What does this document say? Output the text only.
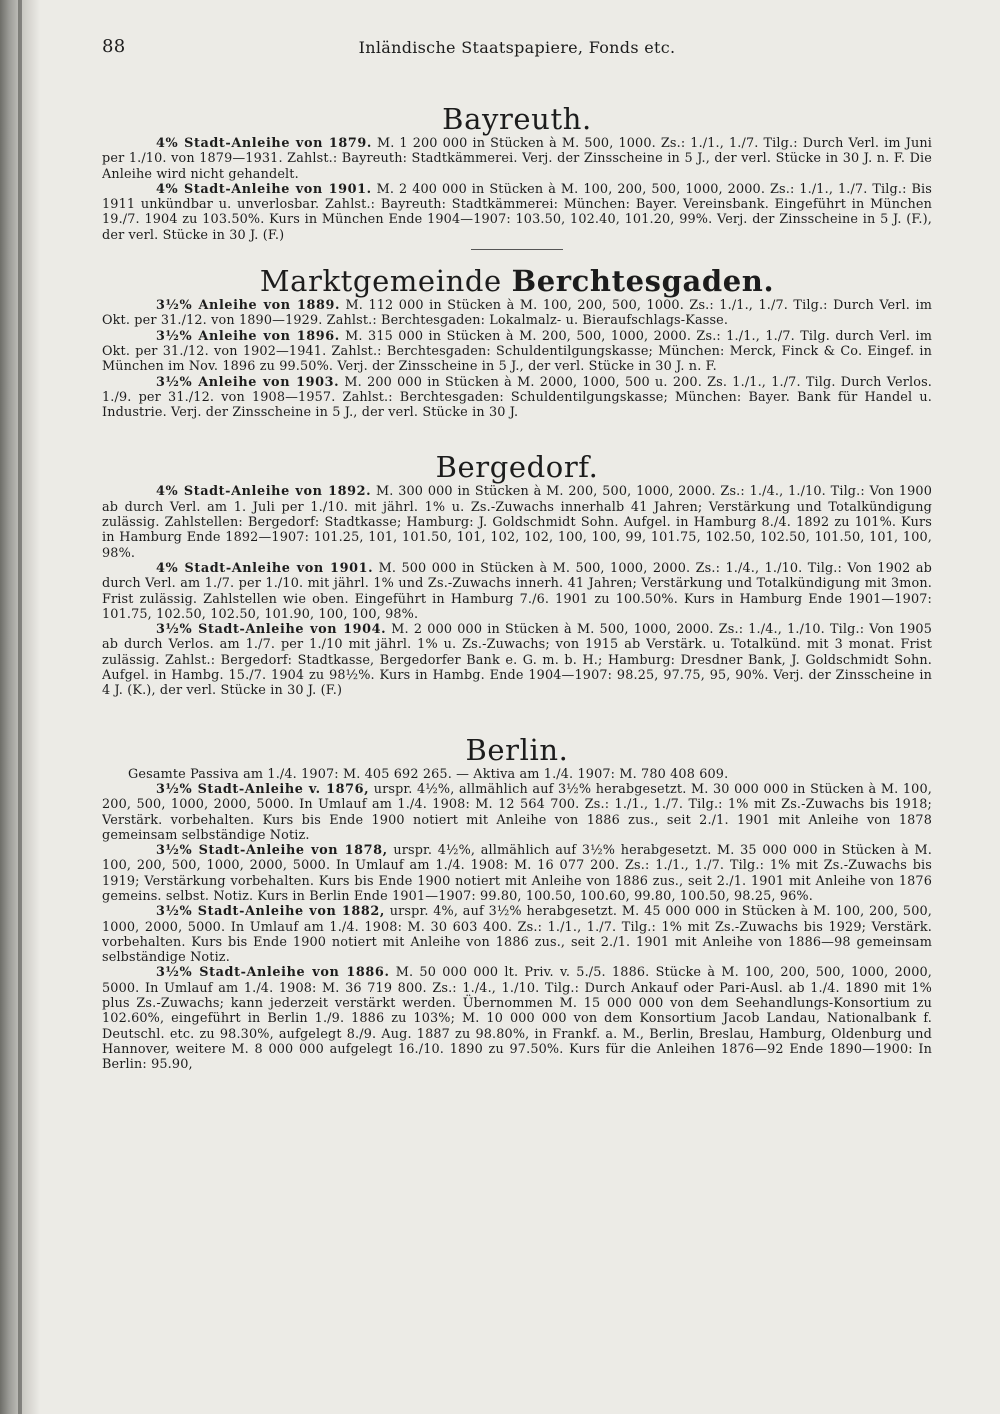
88	Inländische Staatspapiere, Fonds etc.
Bayreuth.

4% Stadt-Anleihe von 1879. M. 1 200 000 in Stücken à M. 500, 1000. Zs.: 1./1., 1./7. Tilg.: Durch Verl. im Juni per 1./10. von 1879—1931. Zahlst.: Bayreuth: Stadtkämmerei. Verj. der Zinsscheine in 5 J., der verl. Stücke in 30 J. n. F. Die Anleihe wird nicht gehandelt.

4% Stadt-Anleihe von 1901. M. 2 400 000 in Stücken à M. 100, 200, 500, 1000, 2000. Zs.: 1./1., 1./7. Tilg.: Bis 1911 unkündbar u. unverlosbar. Zahlst.: Bayreuth: Stadtkämmerei: München: Bayer. Vereinsbank. Eingeführt in München 19./7. 1904 zu 103.50%. Kurs in München Ende 1904—1907: 103.50, 102.40, 101.20, 99%. Verj. der Zinsscheine in 5 J. (F.), der verl. Stücke in 30 J. (F.)

Marktgemeinde Berchtesgaden.

3½% Anleihe von 1889. M. 112 000 in Stücken à M. 100, 200, 500, 1000. Zs.: 1./1., 1./7. Tilg.: Durch Verl. im Okt. per 31./12. von 1890—1929. Zahlst.: Berchtesgaden: Lokalmalz- u. Bieraufschlags-Kasse.

3½% Anleihe von 1896. M. 315 000 in Stücken à M. 200, 500, 1000, 2000. Zs.: 1./1., 1./7. Tilg. durch Verl. im Okt. per 31./12. von 1902—1941. Zahlst.: Berchtesgaden: Schuldentilgungskasse; München: Merck, Finck & Co. Eingef. in München im Nov. 1896 zu 99.50%. Verj. der Zinsscheine in 5 J., der verl. Stücke in 30 J. n. F.

3½% Anleihe von 1903. M. 200 000 in Stücken à M. 2000, 1000, 500 u. 200. Zs. 1./1., 1./7. Tilg. Durch Verlos. 1./9. per 31./12. von 1908—1957. Zahlst.: Berchtesgaden: Schuldentilgungskasse; München: Bayer. Bank für Handel u. Industrie. Verj. der Zinsscheine in 5 J., der verl. Stücke in 30 J.

Bergedorf.

4% Stadt-Anleihe von 1892. M. 300 000 in Stücken à M. 200, 500, 1000, 2000. Zs.: 1./4., 1./10. Tilg.: Von 1900 ab durch Verl. am 1. Juli per 1./10. mit jährl. 1% u. Zs.-Zuwachs innerhalb 41 Jahren; Verstärkung und Totalkündigung zulässig. Zahlstellen: Bergedorf: Stadtkasse; Hamburg: J. Goldschmidt Sohn. Aufgel. in Hamburg 8./4. 1892 zu 101%. Kurs in Hamburg Ende 1892—1907: 101.25, 101, 101.50, 101, 102, 102, 100, 100, 99, 101.75, 102.50, 102.50, 101.50, 101, 100, 98%.

4% Stadt-Anleihe von 1901. M. 500 000 in Stücken à M. 500, 1000, 2000. Zs.: 1./4., 1./10. Tilg.: Von 1902 ab durch Verl. am 1./7. per 1./10. mit jährl. 1% und Zs.-Zuwachs innerh. 41 Jahren; Verstärkung und Totalkündigung mit 3mon. Frist zulässig. Zahlstellen wie oben. Eingeführt in Hamburg 7./6. 1901 zu 100.50%. Kurs in Hamburg Ende 1901—1907: 101.75, 102.50, 102.50, 101.90, 100, 100, 98%.

3½% Stadt-Anleihe von 1904. M. 2 000 000 in Stücken à M. 500, 1000, 2000. Zs.: 1./4., 1./10. Tilg.: Von 1905 ab durch Verlos. am 1./7. per 1./10 mit jährl. 1% u. Zs.-Zuwachs; von 1915 ab Verstärk. u. Totalkünd. mit 3 monat. Frist zulässig. Zahlst.: Bergedorf: Stadtkasse, Bergedorfer Bank e. G. m. b. H.; Hamburg: Dresdner Bank, J. Goldschmidt Sohn. Aufgel. in Hambg. 15./7. 1904 zu 98½%. Kurs in Hambg. Ende 1904—1907: 98.25, 97.75, 95, 90%. Verj. der Zinsscheine in 4 J. (K.), der verl. Stücke in 30 J. (F.)

Berlin.

Gesamte Passiva am 1./4. 1907: M. 405 692 265. — Aktiva am 1./4. 1907: M. 780 408 609.

3½% Stadt-Anleihe v. 1876, urspr. 4½%, allmählich auf 3½% herabgesetzt. M. 30 000 000 in Stücken à M. 100, 200, 500, 1000, 2000, 5000. In Umlauf am 1./4. 1908: M. 12 564 700. Zs.: 1./1., 1./7. Tilg.: 1% mit Zs.-Zuwachs bis 1918; Verstärk. vorbehalten. Kurs bis Ende 1900 notiert mit Anleihe von 1886 zus., seit 2./1. 1901 mit Anleihe von 1878 gemeinsam selbständige Notiz.

3½% Stadt-Anleihe von 1878, urspr. 4½%, allmählich auf 3½% herabgesetzt. M. 35 000 000 in Stücken à M. 100, 200, 500, 1000, 2000, 5000. In Umlauf am 1./4. 1908: M. 16 077 200. Zs.: 1./1., 1./7. Tilg.: 1% mit Zs.-Zuwachs bis 1919; Verstärkung vorbehalten. Kurs bis Ende 1900 notiert mit Anleihe von 1886 zus., seit 2./1. 1901 mit Anleihe von 1876 gemeins. selbst. Notiz. Kurs in Berlin Ende 1901—1907: 99.80, 100.50, 100.60, 99.80, 100.50, 98.25, 96%.

3½% Stadt-Anleihe von 1882, urspr. 4%, auf 3½% herabgesetzt. M. 45 000 000 in Stücken à M. 100, 200, 500, 1000, 2000, 5000. In Umlauf am 1./4. 1908: M. 30 603 400. Zs.: 1./1., 1./7. Tilg.: 1% mit Zs.-Zuwachs bis 1929; Verstärk. vorbehalten. Kurs bis Ende 1900 notiert mit Anleihe von 1886 zus., seit 2./1. 1901 mit Anleihe von 1886—98 gemeinsam selbständige Notiz.

3½% Stadt-Anleihe von 1886. M. 50 000 000 lt. Priv. v. 5./5. 1886. Stücke à M. 100, 200, 500, 1000, 2000, 5000. In Umlauf am 1./4. 1908: M. 36 719 800. Zs.: 1./4., 1./10. Tilg.: Durch Ankauf oder Pari-Ausl. ab 1./4. 1890 mit 1% plus Zs.-Zuwachs; kann jederzeit verstärkt werden. Übernommen M. 15 000 000 von dem Seehandlungs-Konsortium zu 102.60%, eingeführt in Berlin 1./9. 1886 zu 103%; M. 10 000 000 von dem Konsortium Jacob Landau, Nationalbank f. Deutschl. etc. zu 98.30%, aufgelegt 8./9. Aug. 1887 zu 98.80%, in Frankf. a. M., Berlin, Breslau, Hamburg, Oldenburg und Hannover, weitere M. 8 000 000 aufgelegt 16./10. 1890 zu 97.50%. Kurs für die Anleihen 1876—92 Ende 1890—1900: In Berlin: 95.90,
